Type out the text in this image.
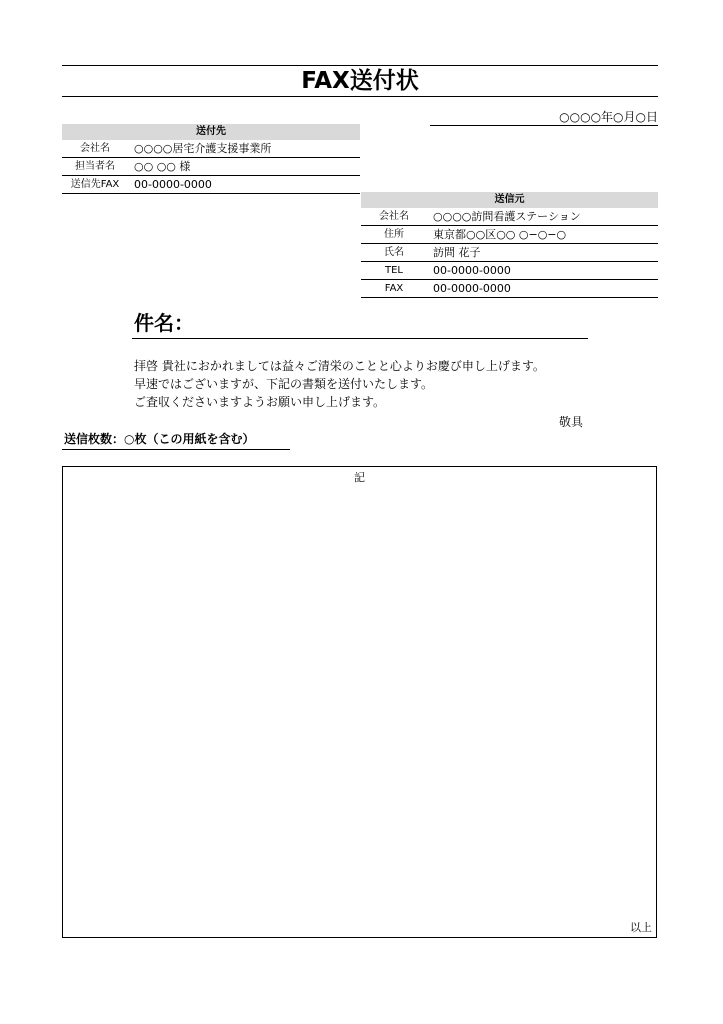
FAX送付状
○○○○年○月○日
送付先
会社名	○○○○居宅介護支援事業所
担当者名	○○ ○○ 様
送信先FAX	00-0000-0000
送信元
会社名	○○○○訪問看護ステーション
住所	東京都○○区○○ ○−○−○
氏名	訪問 花子
TEL	00-0000-0000
FAX	00-0000-0000
件名：
拝啓 貴社におかれましては益々ご清栄のことと心よりお慶び申し上げます。
早速ではございますが、下記の書類を送付いたします。
ご査収くださいますようお願い申し上げます。
敬具
送信枚数：○枚（この用紙を含む）
記
以上
